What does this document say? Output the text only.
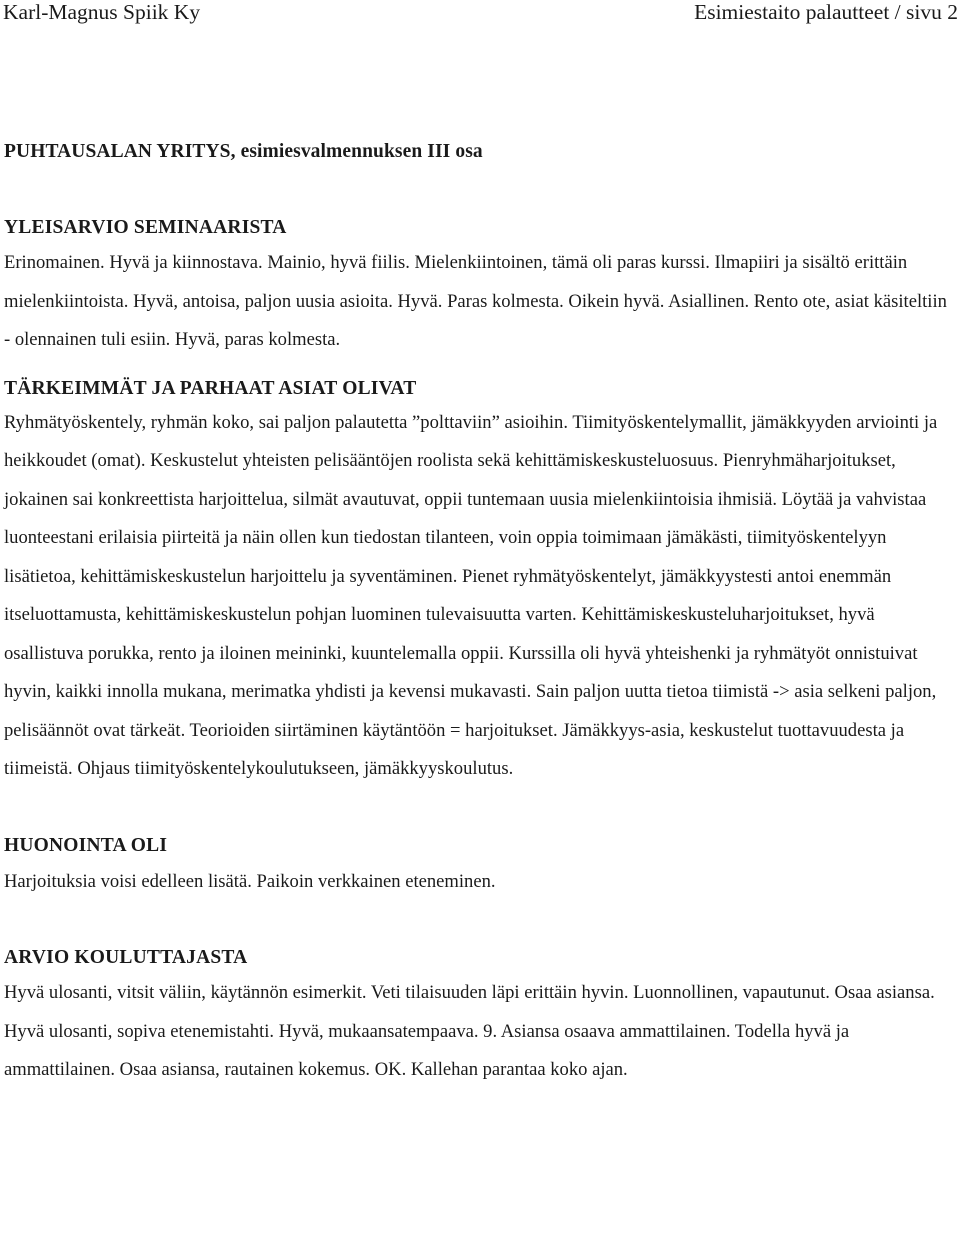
Karl-Magnus Spiik Ky	Esimiestaito palautteet / sivu 2
PUHTAUSALAN YRITYS, esimiesvalmennuksen III osa
YLEISARVIO SEMINAARISTA

Erinomainen. Hyvä ja kiinnostava. Mainio, hyvä fiilis. Mielenkiintoinen, tämä oli paras kurssi. Ilmapiiri ja sisältö erittäin mielenkiintoista. Hyvä, antoisa, paljon uusia asioita. Hyvä. Paras kolmesta. Oikein hyvä. Asiallinen. Rento ote, asiat käsiteltiin - olennainen tuli esiin. Hyvä, paras kolmesta.

TÄRKEIMMÄT JA PARHAAT ASIAT OLIVAT

Ryhmätyöskentely, ryhmän koko, sai paljon palautetta ”polttaviin” asioihin. Tiimityöskentelymallit, jämäkkyyden arviointi ja heikkoudet (omat). Keskustelut yhteisten pelisääntöjen roolista sekä kehittämiskeskusteluosuus. Pienryhmäharjoitukset, jokainen sai konkreettista harjoittelua, silmät avautuvat, oppii tuntemaan uusia mielenkiintoisia ihmisiä. Löytää ja vahvistaa luonteestani erilaisia piirteitä ja näin ollen kun tiedostan tilanteen, voin oppia toimimaan jämäkästi, tiimityöskentelyyn lisätietoa, kehittämiskeskustelun harjoittelu ja syventäminen. Pienet ryhmätyöskentelyt, jämäkkyystesti antoi enemmän itseluottamusta, kehittämiskeskustelun pohjan luominen tulevaisuutta varten. Kehittämiskeskusteluharjoitukset, hyvä osallistuva porukka, rento ja iloinen meininki, kuuntelemalla oppii. Kurssilla oli hyvä yhteishenki ja ryhmätyöt onnistuivat hyvin, kaikki innolla mukana, merimatka yhdisti ja kevensi mukavasti. Sain paljon uutta tietoa tiimistä -> asia selkeni paljon, pelisäännöt ovat tärkeät. Teorioiden siirtäminen käytäntöön = harjoitukset. Jämäkkyys-asia, keskustelut tuottavuudesta ja tiimeistä. Ohjaus tiimityöskentelykoulutukseen, jämäkkyyskoulutus.

HUONOINTA OLI

Harjoituksia voisi edelleen lisätä. Paikoin verkkainen eteneminen.

ARVIO KOULUTTAJASTA

Hyvä ulosanti, vitsit väliin, käytännön esimerkit. Veti tilaisuuden läpi erittäin hyvin. Luonnollinen, vapautunut. Osaa asiansa. Hyvä ulosanti, sopiva etenemistahti. Hyvä, mukaansatempaava. 9. Asiansa osaava ammattilainen. Todella hyvä ja ammattilainen. Osaa asiansa, rautainen kokemus. OK. Kallehan parantaa koko ajan.
